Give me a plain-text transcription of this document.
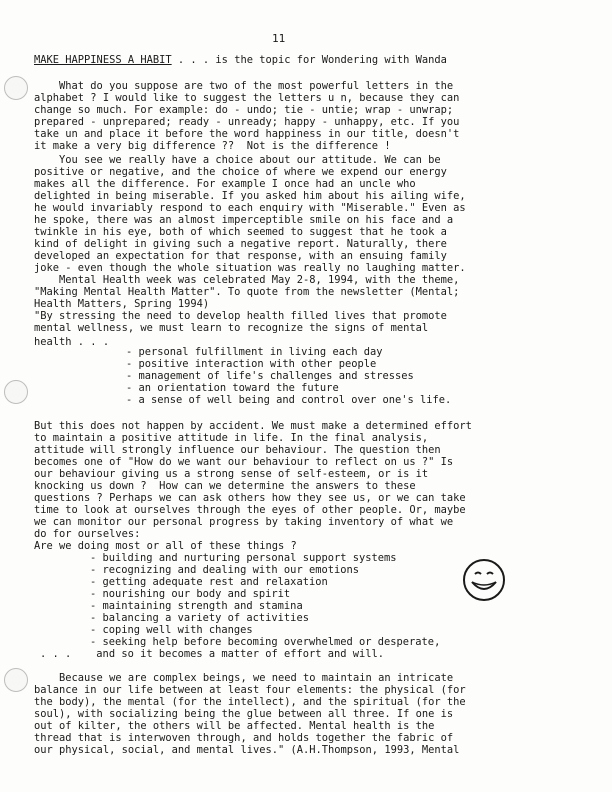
11
MAKE HAPPINESS A HABIT . . . is the topic for Wondering with Wanda
What do you suppose are two of the most powerful letters in the
alphabet ? I would like to suggest the letters u n, because they can
change so much. For example: do - undo; tie - untie; wrap - unwrap;
prepared - unprepared; ready - unready; happy - unhappy, etc. If you
take un and place it before the word happiness in our title, doesn't
it make a very big difference ??  Not is the difference !
You see we really have a choice about our attitude. We can be
positive or negative, and the choice of where we expend our energy
makes all the difference. For example I once had an uncle who
delighted in being miserable. If you asked him about his ailing wife,
he would invariably respond to each enquiry with "Miserable." Even as
he spoke, there was an almost imperceptible smile on his face and a
twinkle in his eye, both of which seemed to suggest that he took a
kind of delight in giving such a negative report. Naturally, there
developed an expectation for that response, with an ensuing family
joke - even though the whole situation was really no laughing matter.
Mental Health week was celebrated May 2-8, 1994, with the theme,
"Making Mental Health Matter". To quote from the newsletter (Mental;
Health Matters, Spring 1994)
"By stressing the need to develop health filled lives that promote
mental wellness, we must learn to recognize the signs of mental
health . . .
- personal fulfillment in living each day
- positive interaction with other people
- management of life's challenges and stresses
- an orientation toward the future
- a sense of well being and control over one's life.
But this does not happen by accident. We must make a determined effort
to maintain a positive attitude in life. In the final analysis,
attitude will strongly influence our behaviour. The question then
becomes one of "How do we want our behaviour to reflect on us ?" Is
our behaviour giving us a strong sense of self-esteem, or is it
knocking us down ?  How can we determine the answers to these
questions ? Perhaps we can ask others how they see us, or we can take
time to look at ourselves through the eyes of other people. Or, maybe
we can monitor our personal progress by taking inventory of what we
do for ourselves:
Are we doing most or all of these things ?
- building and nurturing personal support systems
- recognizing and dealing with our emotions
- getting adequate rest and relaxation
- nourishing our body and spirit
- maintaining strength and stamina
- balancing a variety of activities
- coping well with changes
- seeking help before becoming overwhelmed or desperate,
. . .    and so it becomes a matter of effort and will.
Because we are complex beings, we need to maintain an intricate
balance in our life between at least four elements: the physical (for
the body), the mental (for the intellect), and the spiritual (for the
soul), with socializing being the glue between all three. If one is
out of kilter, the others will be affected. Mental health is the
thread that is interwoven through, and holds together the fabric of
our physical, social, and mental lives." (A.H.Thompson, 1993, Mental
